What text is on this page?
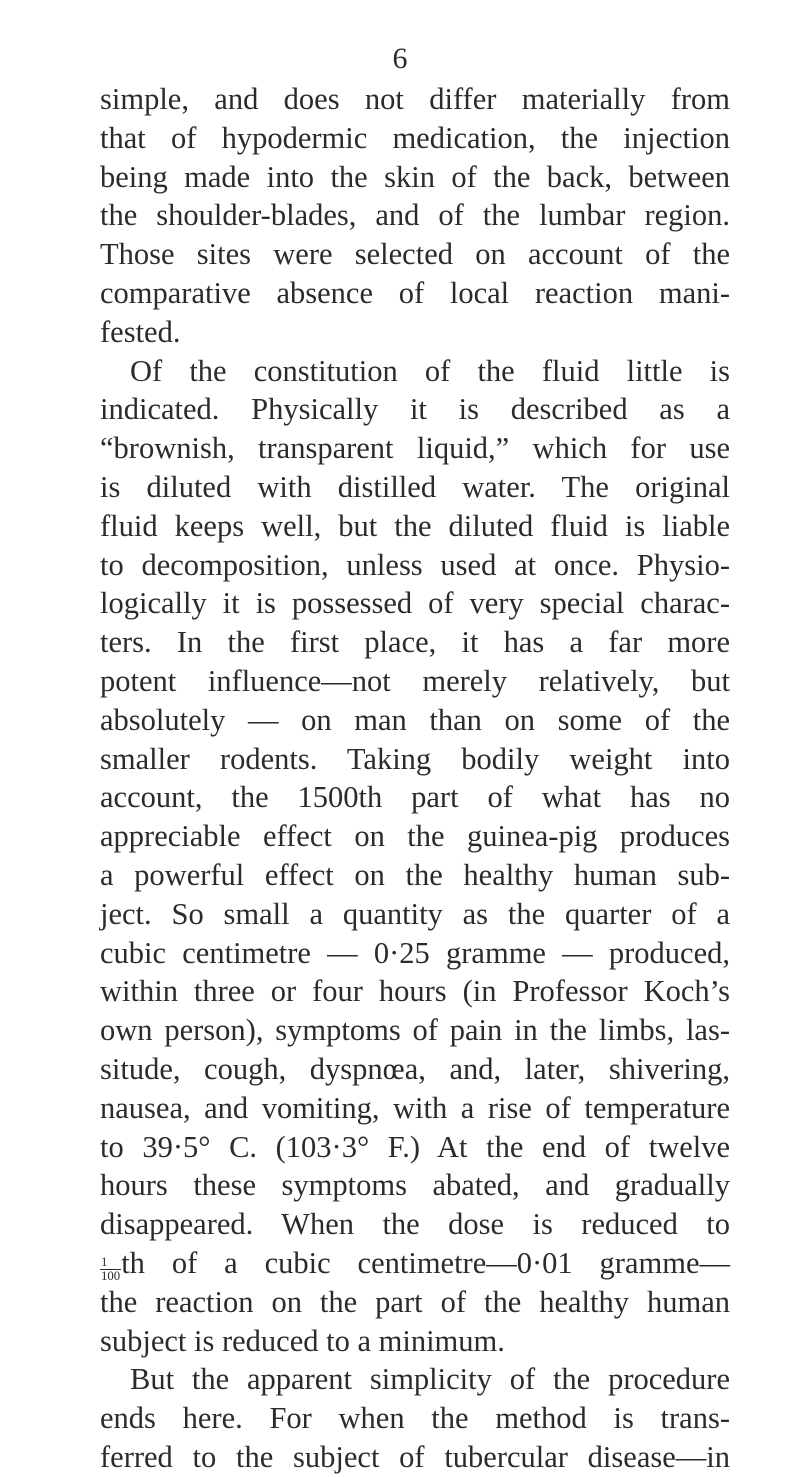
6
simple, and does not differ materially from
that of hypodermic medication, the injection
being made into the skin of the back, between
the shoulder-blades, and of the lumbar region.
Those sites were selected on account of the
comparative absence of local reaction mani-
fested.
Of the constitution of the fluid little is
indicated. Physically it is described as a
“brownish, transparent liquid,” which for use
is diluted with distilled water. The original
fluid keeps well, but the diluted fluid is liable
to decomposition, unless used at once. Physio-
logically it is possessed of very special charac-
ters. In the first place, it has a far more
potent influence—not merely relatively, but
absolutely — on man than on some of the
smaller rodents. Taking bodily weight into
account, the 1500th part of what has no
appreciable effect on the guinea-pig produces
a powerful effect on the healthy human sub-
ject. So small a quantity as the quarter of a
cubic centimetre — 0·25 gramme — produced,
within three or four hours (in Professor Koch’s
own person), symptoms of pain in the limbs, las-
situde, cough, dyspnœa, and, later, shivering,
nausea, and vomiting, with a rise of temperature
to 39·5° C. (103·3° F.) At the end of twelve
hours these symptoms abated, and gradually
disappeared. When the dose is reduced to
$\frac{1}{100}$ th of a cubic centimetre—0·01 gramme—
the reaction on the part of the healthy human
subject is reduced to a minimum.
But the apparent simplicity of the procedure
ends here. For when the method is trans-
ferred to the subject of tubercular disease—in
